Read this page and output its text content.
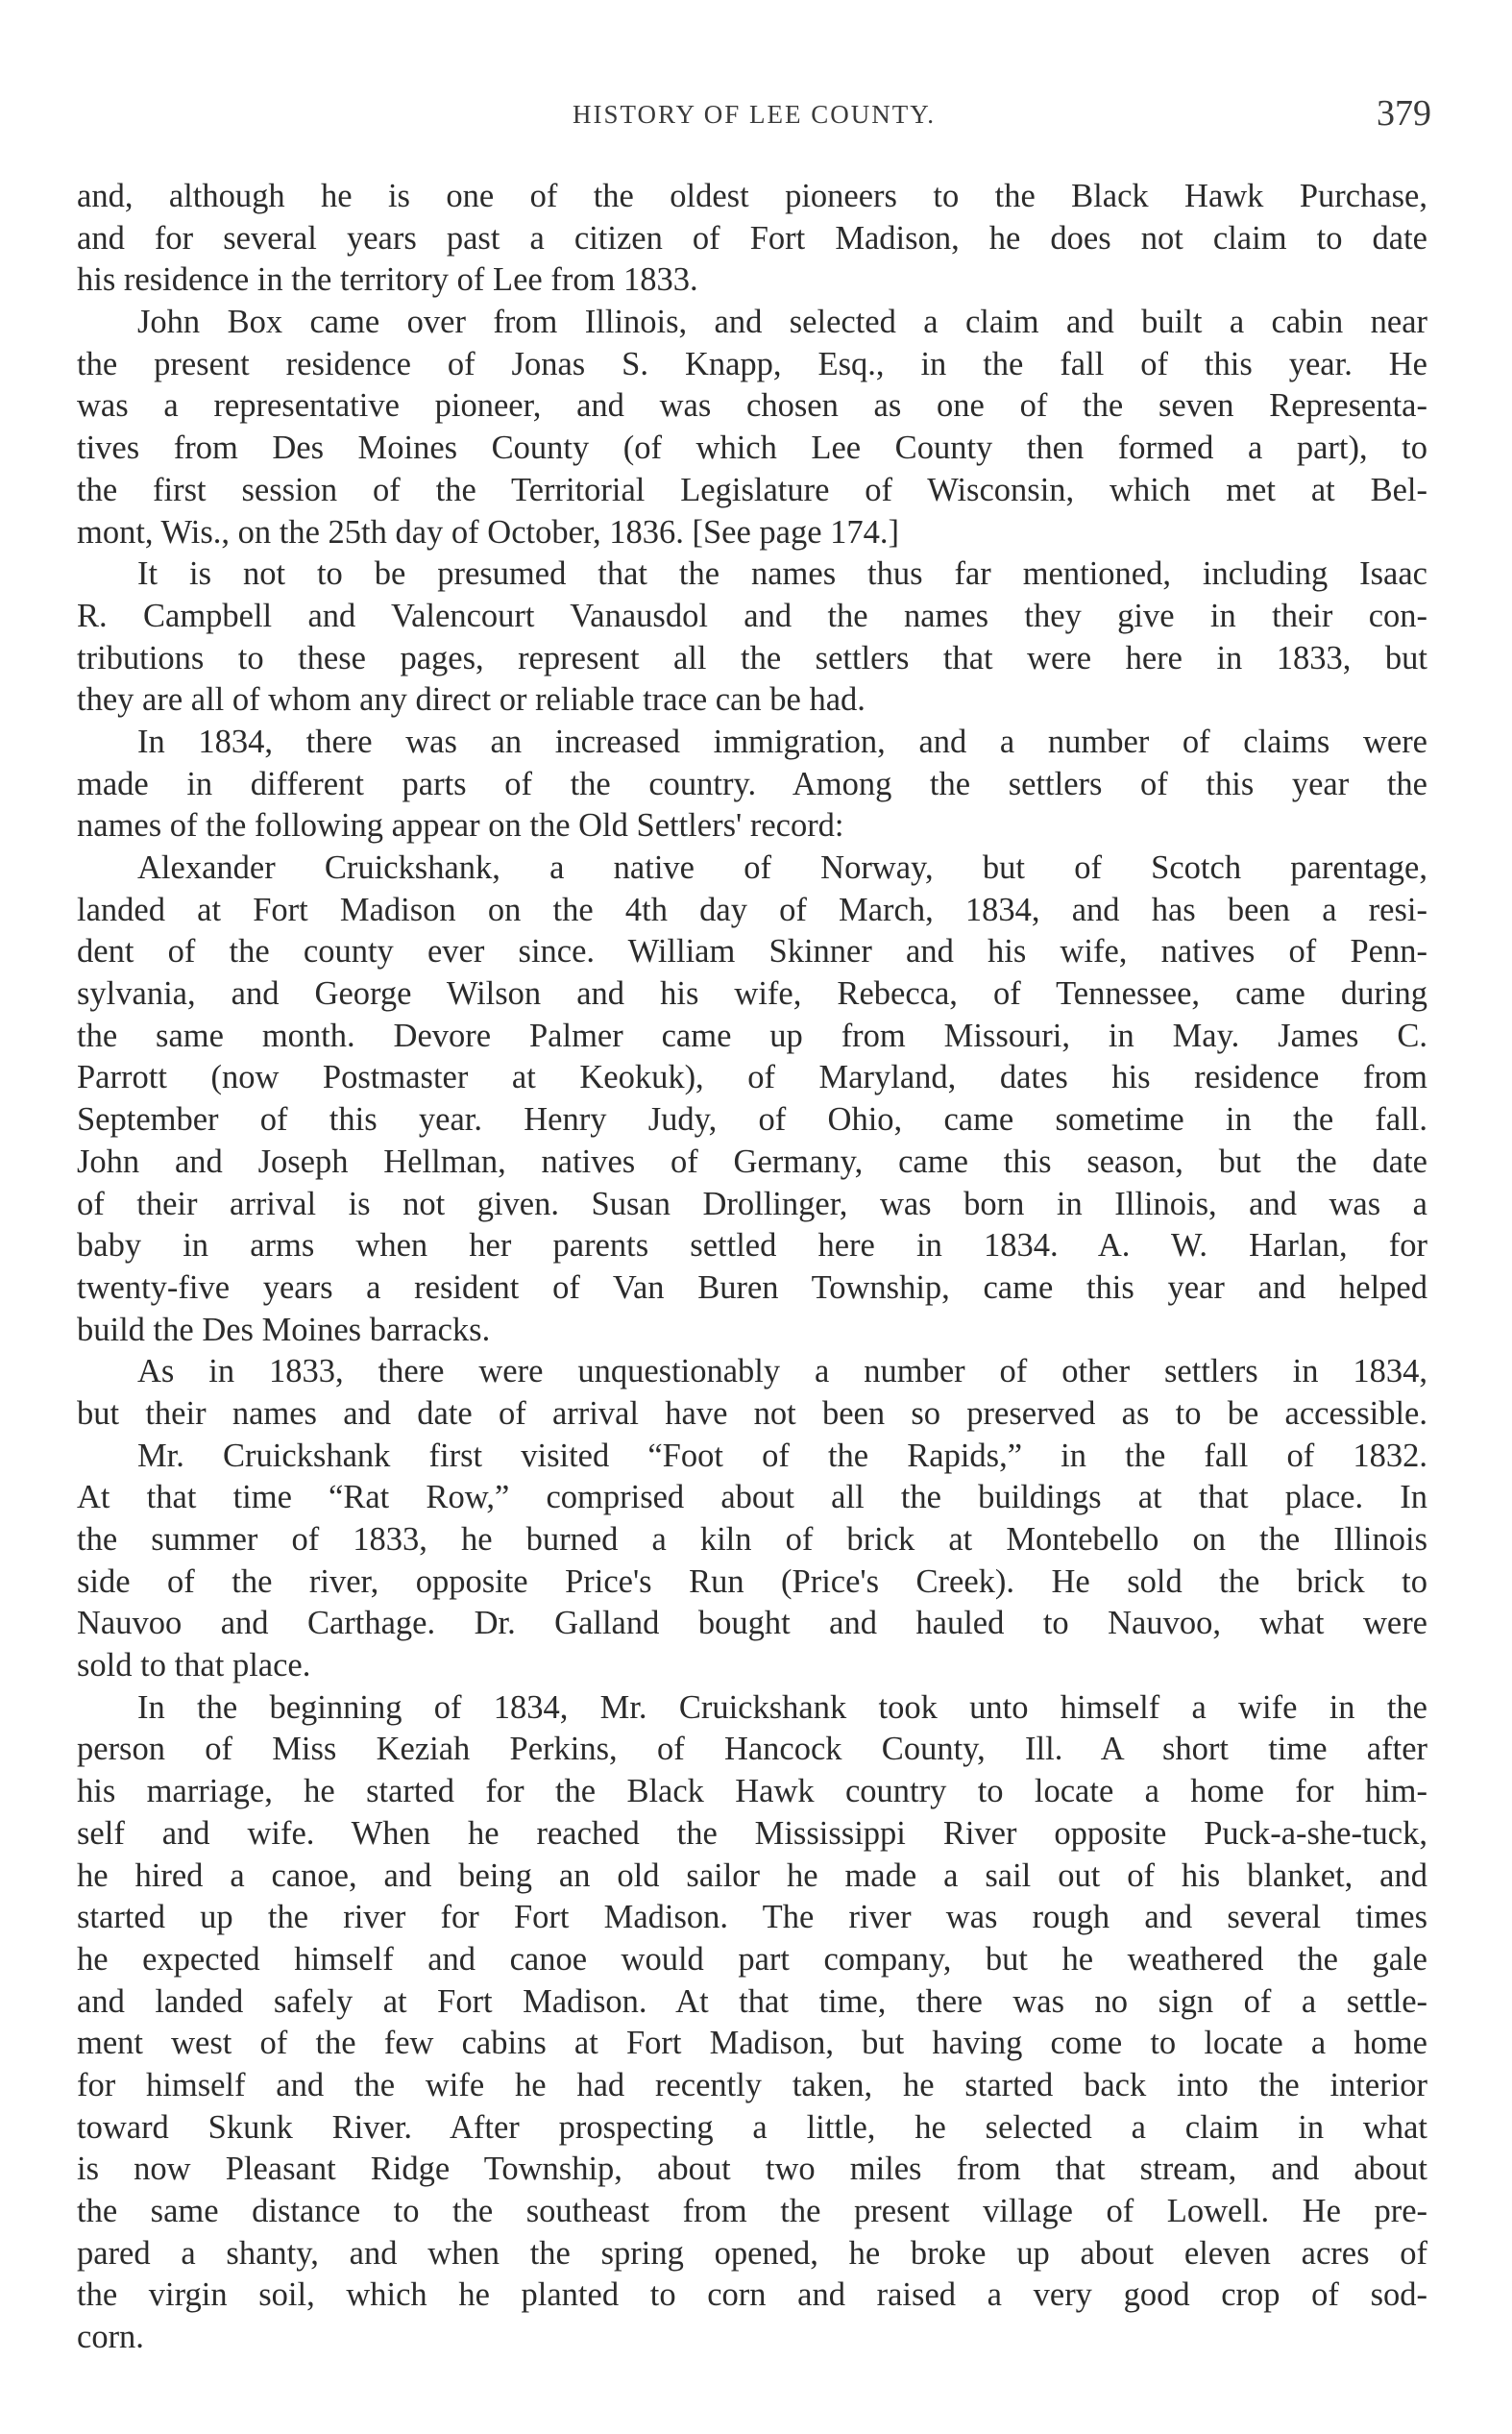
HISTORY OF LEE COUNTY.	379
and, although he is one of the oldest pioneers to the Black Hawk Purchase,
and for several years past a citizen of Fort Madison, he does not claim to date
his residence in the territory of Lee from 1833.
John Box came over from Illinois, and selected a claim and built a cabin near
the present residence of Jonas S. Knapp, Esq., in the fall of this year. He
was a representative pioneer, and was chosen as one of the seven Representa-
tives from Des Moines County (of which Lee County then formed a part), to
the first session of the Territorial Legislature of Wisconsin, which met at Bel-
mont, Wis., on the 25th day of October, 1836. [See page 174.]
It is not to be presumed that the names thus far mentioned, including Isaac
R. Campbell and Valencourt Vanausdol and the names they give in their con-
tributions to these pages, represent all the settlers that were here in 1833, but
they are all of whom any direct or reliable trace can be had.
In 1834, there was an increased immigration, and a number of claims were
made in different parts of the country. Among the settlers of this year the
names of the following appear on the Old Settlers' record:
Alexander Cruickshank, a native of Norway, but of Scotch parentage,
landed at Fort Madison on the 4th day of March, 1834, and has been a resi-
dent of the county ever since. William Skinner and his wife, natives of Penn-
sylvania, and George Wilson and his wife, Rebecca, of Tennessee, came during
the same month. Devore Palmer came up from Missouri, in May. James C.
Parrott (now Postmaster at Keokuk), of Maryland, dates his residence from
September of this year. Henry Judy, of Ohio, came sometime in the fall.
John and Joseph Hellman, natives of Germany, came this season, but the date
of their arrival is not given. Susan Drollinger, was born in Illinois, and was a
baby in arms when her parents settled here in 1834. A. W. Harlan, for
twenty-five years a resident of Van Buren Township, came this year and helped
build the Des Moines barracks.
As in 1833, there were unquestionably a number of other settlers in 1834,
but their names and date of arrival have not been so preserved as to be accessible.
Mr. Cruickshank first visited “Foot of the Rapids,” in the fall of 1832.
At that time “Rat Row,” comprised about all the buildings at that place. In
the summer of 1833, he burned a kiln of brick at Montebello on the Illinois
side of the river, opposite Price's Run (Price's Creek). He sold the brick to
Nauvoo and Carthage. Dr. Galland bought and hauled to Nauvoo, what were
sold to that place.
In the beginning of 1834, Mr. Cruickshank took unto himself a wife in the
person of Miss Keziah Perkins, of Hancock County, Ill. A short time after
his marriage, he started for the Black Hawk country to locate a home for him-
self and wife. When he reached the Mississippi River opposite Puck-a-she-tuck,
he hired a canoe, and being an old sailor he made a sail out of his blanket, and
started up the river for Fort Madison. The river was rough and several times
he expected himself and canoe would part company, but he weathered the gale
and landed safely at Fort Madison. At that time, there was no sign of a settle-
ment west of the few cabins at Fort Madison, but having come to locate a home
for himself and the wife he had recently taken, he started back into the interior
toward Skunk River. After prospecting a little, he selected a claim in what
is now Pleasant Ridge Township, about two miles from that stream, and about
the same distance to the southeast from the present village of Lowell. He pre-
pared a shanty, and when the spring opened, he broke up about eleven acres of
the virgin soil, which he planted to corn and raised a very good crop of sod-
corn.
